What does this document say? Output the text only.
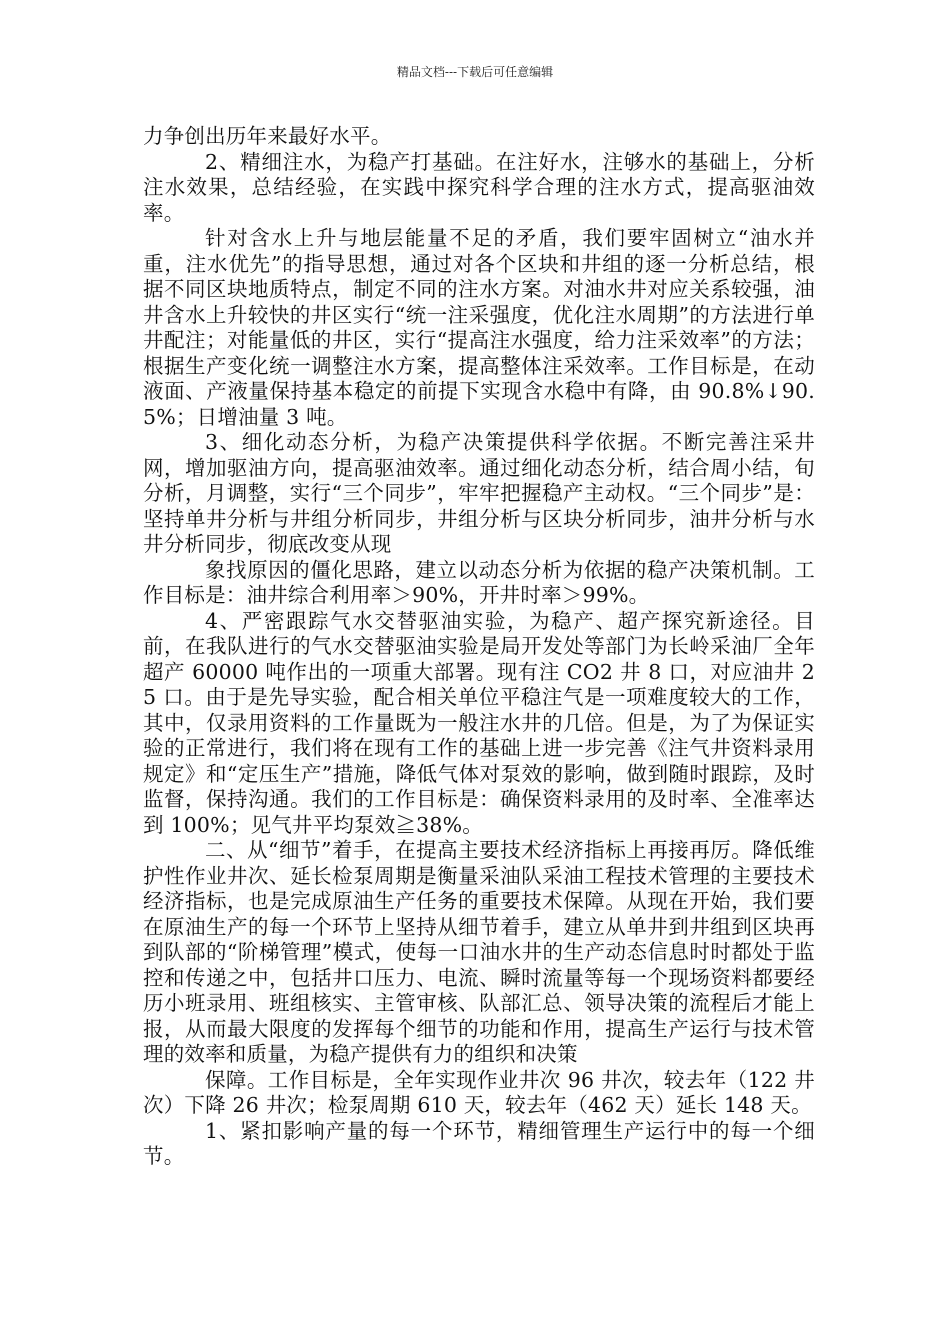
精品文档---下载后可任意编辑

力争创出历年来最好水平。

2、精细注水，为稳产打基础。在注好水，注够水的基础上，分析注水效果，总结经验，在实践中探究科学合理的注水方式，提高驱油效率。

针对含水上升与地层能量不足的矛盾，我们要牢固树立“油水并重，注水优先”的指导思想，通过对各个区块和井组的逐一分析总结，根据不同区块地质特点，制定不同的注水方案。对油水井对应关系较强，油井含水上升较快的井区实行“统一注采强度，优化注水周期”的方法进行单井配注；对能量低的井区，实行“提高注水强度，给力注采效率”的方法；根据生产变化统一调整注水方案，提高整体注采效率。工作目标是，在动液面、产液量保持基本稳定的前提下实现含水稳中有降，由 90.8%↓90.5%；日增油量 3 吨。

3、细化动态分析，为稳产决策提供科学依据。不断完善注采井网，增加驱油方向，提高驱油效率。通过细化动态分析，结合周小结，旬分析，月调整，实行“三个同步”，牢牢把握稳产主动权。“三个同步”是：坚持单井分析与井组分析同步，井组分析与区块分析同步，油井分析与水井分析同步，彻底改变从现

象找原因的僵化思路，建立以动态分析为依据的稳产决策机制。工作目标是：油井综合利用率＞90%，开井时率＞99%。

4、严密跟踪气水交替驱油实验，为稳产、超产探究新途径。目前，在我队进行的气水交替驱油实验是局开发处等部门为长岭采油厂全年超产 60000 吨作出的一项重大部署。现有注 CO2 井 8 口，对应油井 25 口。由于是先导实验，配合相关单位平稳注气是一项难度较大的工作，其中，仅录用资料的工作量既为一般注水井的几倍。但是，为了为保证实验的正常进行，我们将在现有工作的基础上进一步完善《注气井资料录用规定》和“定压生产”措施，降低气体对泵效的影响，做到随时跟踪，及时监督，保持沟通。我们的工作目标是：确保资料录用的及时率、全准率达到 100%；见气井平均泵效≧38%。

二、从“细节”着手，在提高主要技术经济指标上再接再厉。降低维护性作业井次、延长检泵周期是衡量采油队采油工程技术管理的主要技术经济指标，也是完成原油生产任务的重要技术保障。从现在开始，我们要在原油生产的每一个环节上坚持从细节着手，建立从单井到井组到区块再到队部的“阶梯管理”模式，使每一口油水井的生产动态信息时时都处于监控和传递之中，包括井口压力、电流、瞬时流量等每一个现场资料都要经历小班录用、班组核实、主管审核、队部汇总、领导决策的流程后才能上报，从而最大限度的发挥每个细节的功能和作用，提高生产运行与技术管理的效率和质量，为稳产提供有力的组织和决策

保障。工作目标是，全年实现作业井次 96 井次，较去年（122 井次）下降 26 井次；检泵周期 610 天，较去年（462 天）延长 148 天。

1、紧扣影响产量的每一个环节，精细管理生产运行中的每一个细节。
